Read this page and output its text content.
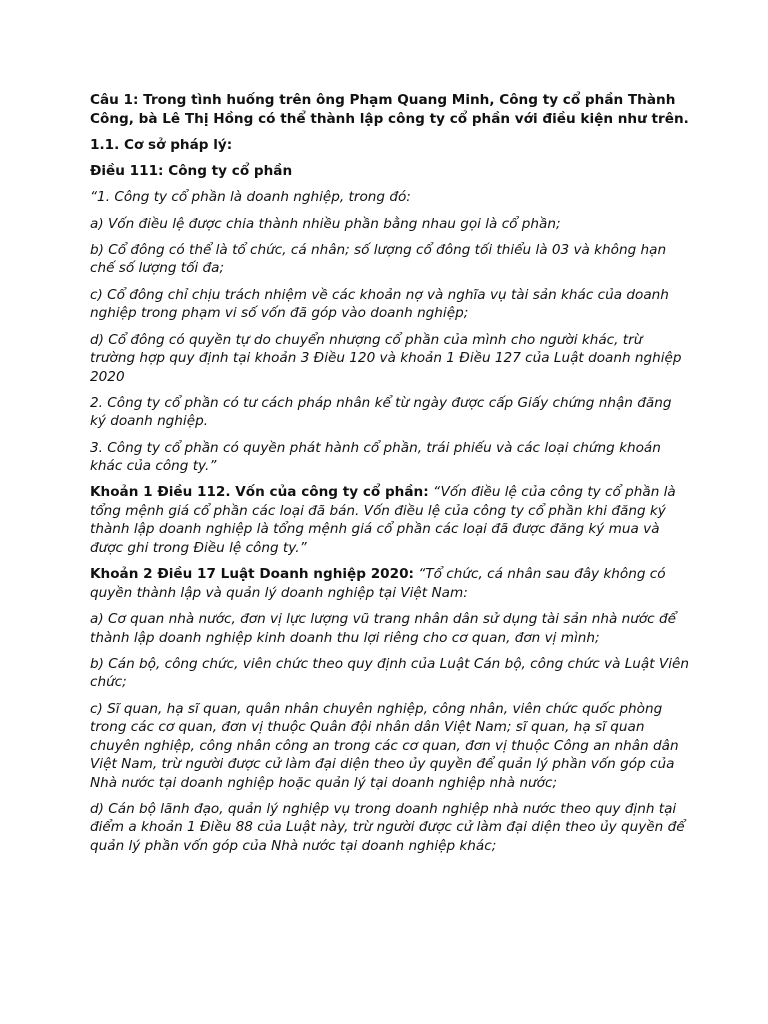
Câu 1: Trong tình huống trên ông Phạm Quang Minh, Công ty cổ phần Thành Công, bà Lê Thị Hồng có thể thành lập công ty cổ phần với điều kiện như trên.

1.1. Cơ sở pháp lý:

Điều 111: Công ty cổ phần

“1. Công ty cổ phần là doanh nghiệp, trong đó:

a) Vốn điều lệ được chia thành nhiều phần bằng nhau gọi là cổ phần;

b) Cổ đông có thể là tổ chức, cá nhân; số lượng cổ đông tối thiểu là 03 và không hạn chế số lượng tối đa;

c) Cổ đông chỉ chịu trách nhiệm về các khoản nợ và nghĩa vụ tài sản khác của doanh nghiệp trong phạm vi số vốn đã góp vào doanh nghiệp;

d) Cổ đông có quyền tự do chuyển nhượng cổ phần của mình cho người khác, trừ trường hợp quy định tại khoản 3 Điều 120 và khoản 1 Điều 127 của Luật doanh nghiệp 2020

2. Công ty cổ phần có tư cách pháp nhân kể từ ngày được cấp Giấy chứng nhận đăng ký doanh nghiệp.

3. Công ty cổ phần có quyền phát hành cổ phần, trái phiếu và các loại chứng khoán khác của công ty.”

Khoản 1 Điều 112. Vốn của công ty cổ phần: “Vốn điều lệ của công ty cổ phần là tổng mệnh giá cổ phần các loại đã bán. Vốn điều lệ của công ty cổ phần khi đăng ký thành lập doanh nghiệp là tổng mệnh giá cổ phần các loại đã được đăng ký mua và được ghi trong Điều lệ công ty.”

Khoản 2 Điều 17 Luật Doanh nghiệp 2020: “Tổ chức, cá nhân sau đây không có quyền thành lập và quản lý doanh nghiệp tại Việt Nam:

a) Cơ quan nhà nước, đơn vị lực lượng vũ trang nhân dân sử dụng tài sản nhà nước để thành lập doanh nghiệp kinh doanh thu lợi riêng cho cơ quan, đơn vị mình;

b) Cán bộ, công chức, viên chức theo quy định của Luật Cán bộ, công chức và Luật Viên chức;

c) Sĩ quan, hạ sĩ quan, quân nhân chuyên nghiệp, công nhân, viên chức quốc phòng trong các cơ quan, đơn vị thuộc Quân đội nhân dân Việt Nam; sĩ quan, hạ sĩ quan chuyên nghiệp, công nhân công an trong các cơ quan, đơn vị thuộc Công an nhân dân Việt Nam, trừ người được cử làm đại diện theo ủy quyền để quản lý phần vốn góp của Nhà nước tại doanh nghiệp hoặc quản lý tại doanh nghiệp nhà nước;

d) Cán bộ lãnh đạo, quản lý nghiệp vụ trong doanh nghiệp nhà nước theo quy định tại điểm a khoản 1 Điều 88 của Luật này, trừ người được cử làm đại diện theo ủy quyền để quản lý phần vốn góp của Nhà nước tại doanh nghiệp khác;
